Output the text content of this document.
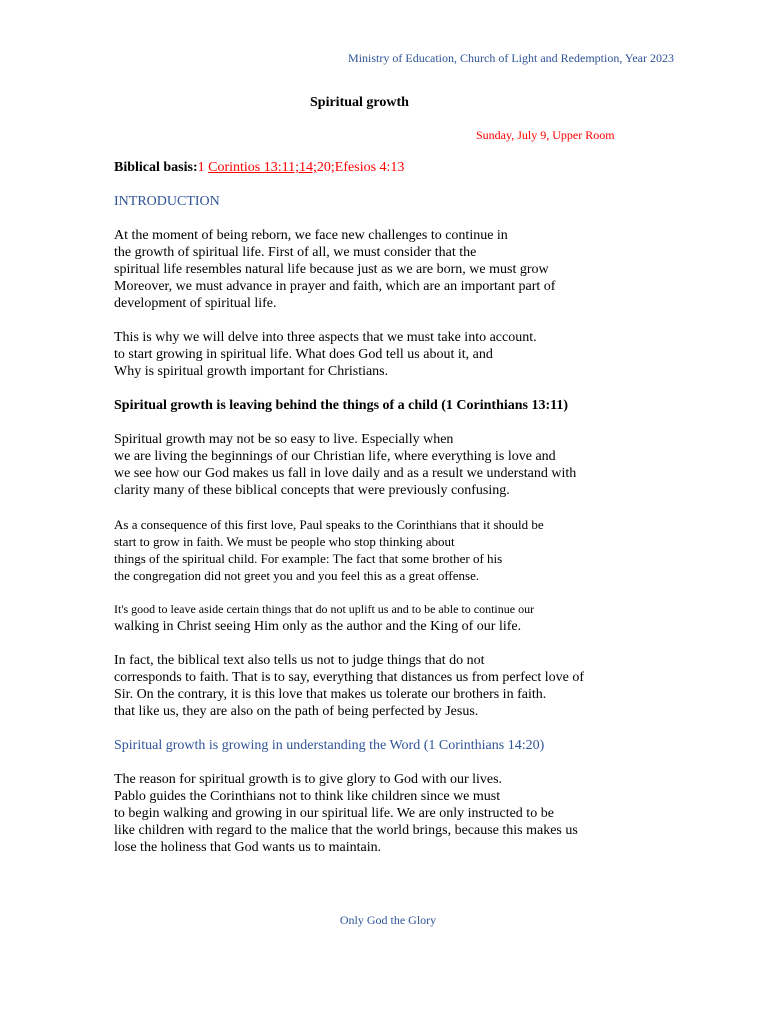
Ministry of Education, Church of Light and Redemption, Year 2023
Spiritual growth
Sunday, July 9, Upper Room

Biblical basis:1 Corintios 13:11;14;20;Efesios 4:13

INTRODUCTION

At the moment of being reborn, we face new challenges to continue in
the growth of spiritual life. First of all, we must consider that the
spiritual life resembles natural life because just as we are born, we must grow
Moreover, we must advance in prayer and faith, which are an important part of
development of spiritual life.

This is why we will delve into three aspects that we must take into account.
to start growing in spiritual life. What does God tell us about it, and
Why is spiritual growth important for Christians.

Spiritual growth is leaving behind the things of a child (1 Corinthians 13:11)

Spiritual growth may not be so easy to live. Especially when
we are living the beginnings of our Christian life, where everything is love and
we see how our God makes us fall in love daily and as a result we understand with
clarity many of these biblical concepts that were previously confusing.

As a consequence of this first love, Paul speaks to the Corinthians that it should be
start to grow in faith. We must be people who stop thinking about
things of the spiritual child. For example: The fact that some brother of his
the congregation did not greet you and you feel this as a great offense.

It's good to leave aside certain things that do not uplift us and to be able to continue our
walking in Christ seeing Him only as the author and the King of our life.

In fact, the biblical text also tells us not to judge things that do not
corresponds to faith. That is to say, everything that distances us from perfect love of
Sir. On the contrary, it is this love that makes us tolerate our brothers in faith.
that like us, they are also on the path of being perfected by Jesus.

Spiritual growth is growing in understanding the Word (1 Corinthians 14:20)

The reason for spiritual growth is to give glory to God with our lives.
Pablo guides the Corinthians not to think like children since we must
to begin walking and growing in our spiritual life. We are only instructed to be
like children with regard to the malice that the world brings, because this makes us
lose the holiness that God wants us to maintain.

Only God the Glory
